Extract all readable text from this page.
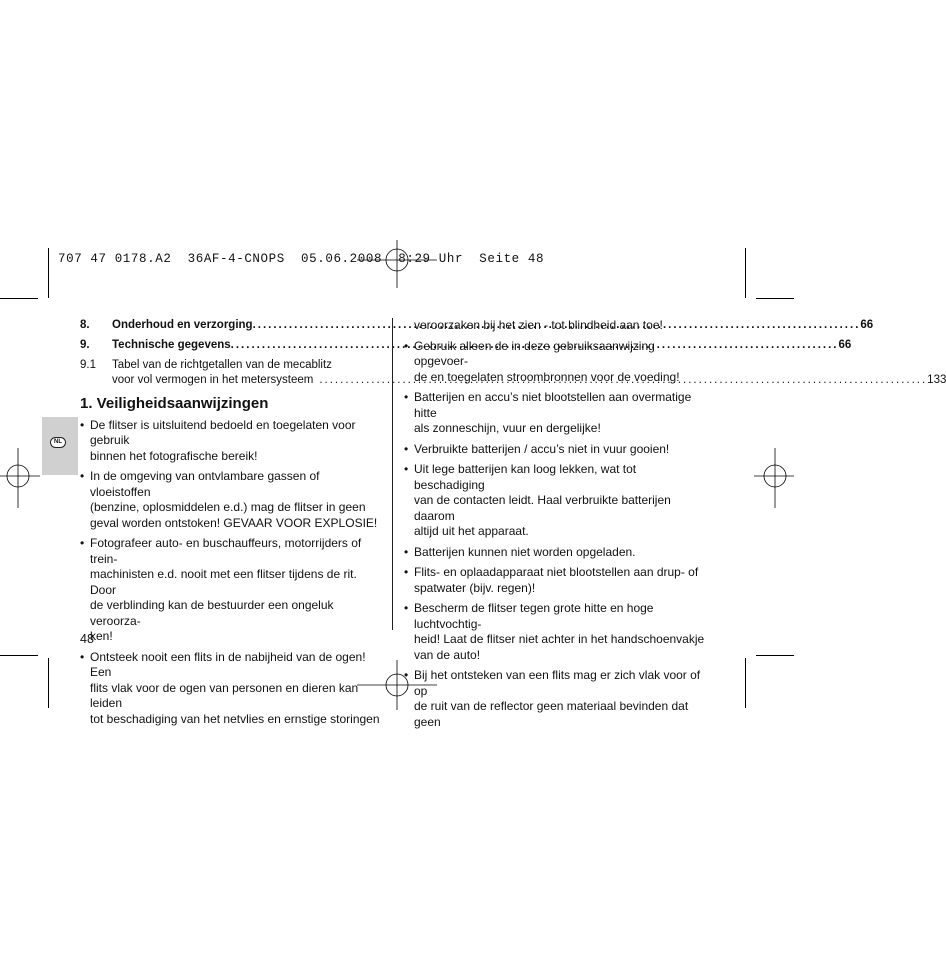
707 47 0178.A2  36AF-4-CNOPS  05.06.2008  8:29 Uhr  Seite 48
NL
8.	Onderhoud en verzorging .....	66
9.	Technische gegevens .....	66
9.1	Tabel van de richtgetallen van de mecablitz
voor vol vermogen in het metersysteem .....	133
1. Veiligheidsaanwijzingen
• De flitser is uitsluitend bedoeld en toegelaten voor gebruik
binnen het fotografische bereik!
• In de omgeving van ontvlambare gassen of vloeistoffen
(benzine, oplosmiddelen e.d.) mag de flitser in geen
geval worden ontstoken! GEVAAR VOOR EXPLOSIE!
• Fotografeer auto- en buschauffeurs, motorrijders of trein-
machinisten e.d. nooit met een flitser tijdens de rit. Door
de verblinding kan de bestuurder een ongeluk veroorza-
ken!
• Ontsteek nooit een flits in de nabijheid van de ogen! Een
flits vlak voor de ogen van personen en dieren kan leiden
tot beschadiging van het netvlies en ernstige storingen
veroorzaken bij het zien - tot blindheid aan toe!
• Gebruik alleen de in deze gebruiksaanwijzing opgevoer-
de en toegelaten stroombronnen voor de voeding!
• Batterijen en accu’s niet blootstellen aan overmatige hitte
als zonneschijn, vuur en dergelijke!
• Verbruikte batterijen / accu’s niet in vuur gooien!
• Uit lege batterijen kan loog lekken, wat tot beschadiging
van de contacten leidt. Haal verbruikte batterijen daarom
altijd uit het apparaat.
• Batterijen kunnen niet worden opgeladen.
• Flits- en oplaadapparaat niet blootstellen aan drup- of
spatwater (bijv. regen)!
• Bescherm de flitser tegen grote hitte en hoge luchtvochtig-
heid! Laat de flitser niet achter in het handschoenvakje
van de auto!
• Bij het ontsteken van een flits mag er zich vlak voor of op
de ruit van de reflector geen materiaal bevinden dat geen
48
